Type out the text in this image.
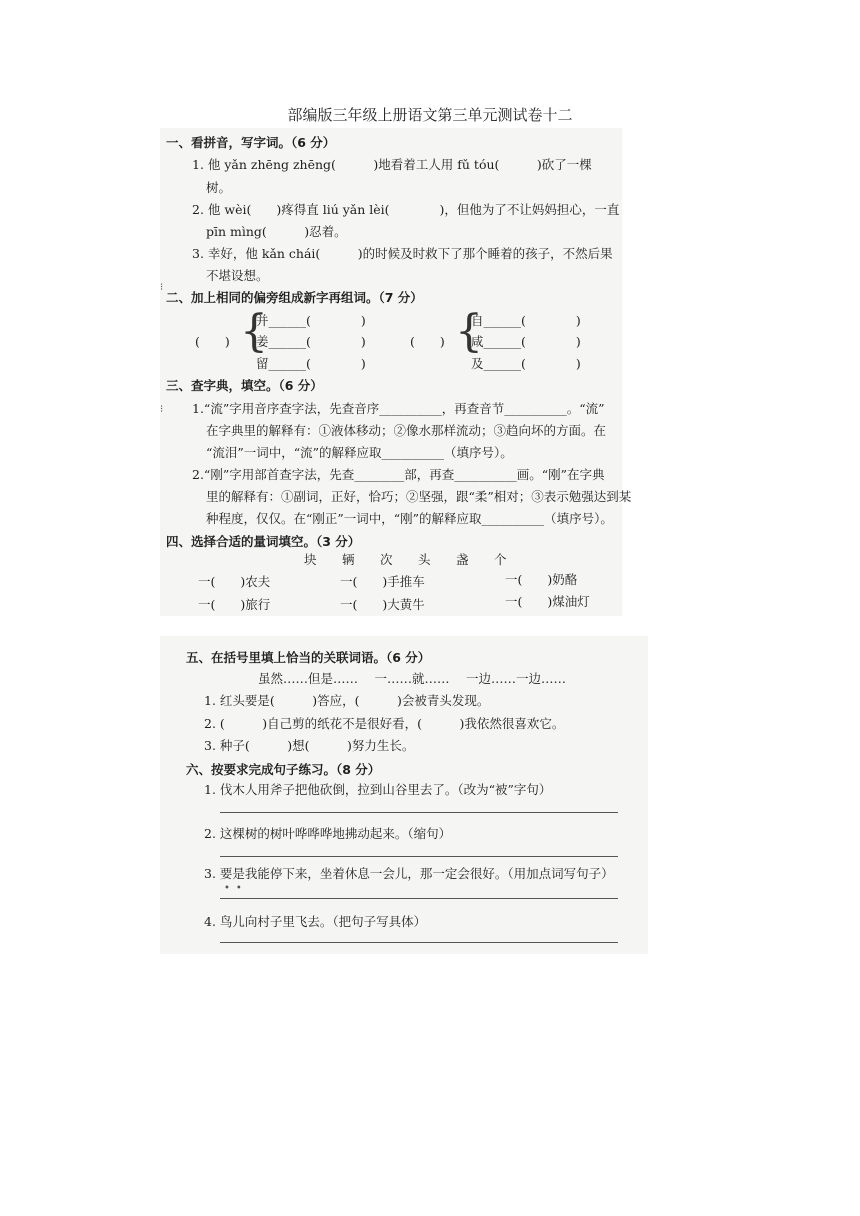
部编版三年级上册语文第三单元测试卷十二
⁝
⁝
一、看拼音，写字词。（6 分）
1. 他 yǎn zhēng zhēng(　　　)地看着工人用 fǔ tóu(　　　)砍了一棵
树。
2. 他 wèi(　　)疼得直 liú yǎn lèi(　　　　)，但他为了不让妈妈担心，一直
pīn mìng(　　　)忍着。
3. 幸好，他 kǎn chái(　　　)的时候及时救下了那个睡着的孩子，不然后果
不堪设想。
二、加上相同的偏旁组成新字再组词。（7 分）
(　　) {
并______(　　　　)
姜______(　　　　)
留______(　　　　)
(　　) {
自______(　　　　)
咸______(　　　　)
及______(　　　　)
三、查字典，填空。（6 分）
1.“流”字用音序查字法，先查音序__________，再查音节__________。“流”
在字典里的解释有：①液体移动；②像水那样流动；③趋向坏的方面。在
“流泪”一词中，“流”的解释应取__________（填序号）。
2.“刚”字用部首查字法，先查________部，再查__________画。“刚”在字典
里的解释有：①副词，正好，恰巧；②坚强，跟“柔”相对；③表示勉强达到某
种程度，仅仅。在“刚正”一词中，“刚”的解释应取__________（填序号）。
四、选择合适的量词填空。（3 分）
块 辆 次 头 盏 个
一(　　)农夫	一(　　)手推车	一(　　)奶酪
一(　　)旅行	一(　　)大黄牛	一(　　)煤油灯
五、在括号里填上恰当的关联词语。（6 分）
虽然……但是……　 一……就……　 一边……一边……
1. 红头要是(　　　)答应，(　　　)会被青头发现。
2. (　　　)自己剪的纸花不是很好看，(　　　)我依然很喜欢它。
3. 种子(　　　)想(　　　)努力生长。
六、按要求完成句子练习。（8 分）
1. 伐木人用斧子把他砍倒，拉到山谷里去了。（改为“被”字句）
2. 这棵树的树叶哗哗哗地拂动起来。（缩句）
3. 要是我能停下来，坐着休息一会儿，那一定会很好。（用加点词写句子）
••
4. 鸟儿向村子里飞去。（把句子写具体）
